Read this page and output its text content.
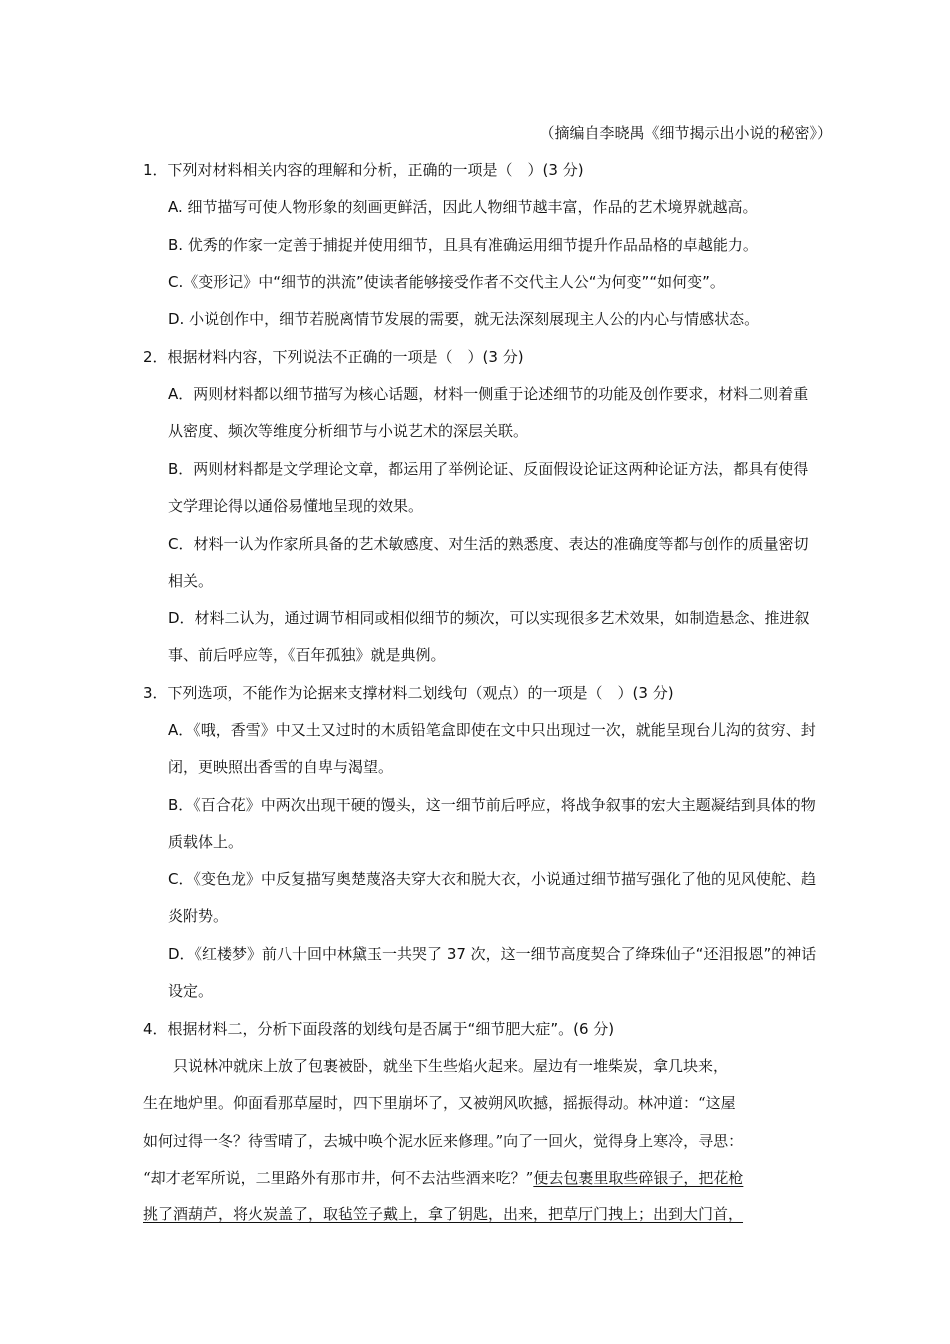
（摘编自李晓禺《细节揭示出小说的秘密》）
1．下列对材料相关内容的理解和分析，正确的一项是（　）(3 分)
A. 细节描写可使人物形象的刻画更鲜活，因此人物细节越丰富，作品的艺术境界就越高。
B. 优秀的作家一定善于捕捉并使用细节，且具有准确运用细节提升作品品格的卓越能力。
C.《变形记》中“细节的洪流”使读者能够接受作者不交代主人公“为何变”“如何变”。
D. 小说创作中，细节若脱离情节发展的需要，就无法深刻展现主人公的内心与情感状态。
2．根据材料内容，下列说法不正确的一项是（　）(3 分)
A．两则材料都以细节描写为核心话题，材料一侧重于论述细节的功能及创作要求，材料二则着重从密度、频次等维度分析细节与小说艺术的深层关联。
B．两则材料都是文学理论文章，都运用了举例论证、反面假设论证这两种论证方法，都具有使得文学理论得以通俗易懂地呈现的效果。
C．材料一认为作家所具备的艺术敏感度、对生活的熟悉度、表达的准确度等都与创作的质量密切相关。
D．材料二认为，通过调节相同或相似细节的频次，可以实现很多艺术效果，如制造悬念、推进叙事、前后呼应等，《百年孤独》就是典例。
3．下列选项，不能作为论据来支撑材料二划线句（观点）的一项是（　）(3 分)
A．《哦，香雪》中又土又过时的木质铅笔盒即使在文中只出现过一次，就能呈现台儿沟的贫穷、封闭，更映照出香雪的自卑与渴望。
B．《百合花》中两次出现干硬的馒头，这一细节前后呼应，将战争叙事的宏大主题凝结到具体的物质载体上。
C．《变色龙》中反复描写奥楚蔑洛夫穿大衣和脱大衣，小说通过细节描写强化了他的见风使舵、趋炎附势。
D．《红楼梦》前八十回中林黛玉一共哭了 37 次，这一细节高度契合了绛珠仙子“还泪报恩”的神话设定。
4．根据材料二，分析下面段落的划线句是否属于“细节肥大症”。(6 分)
　　只说林冲就床上放了包裹被卧，就坐下生些焰火起来。屋边有一堆柴炭，拿几块来，
生在地炉里。仰面看那草屋时，四下里崩坏了，又被朔风吹撼，摇振得动。林冲道：“这屋
如何过得一冬？待雪晴了，去城中唤个泥水匠来修理。”向了一回火，觉得身上寒冷，寻思：
“却才老军所说，二里路外有那市井，何不去沽些酒来吃？”便去包裹里取些碎银子，把花枪
挑了酒葫芦，将火炭盖了，取毡笠子戴上，拿了钥匙，出来，把草厅门拽上；出到大门首，
